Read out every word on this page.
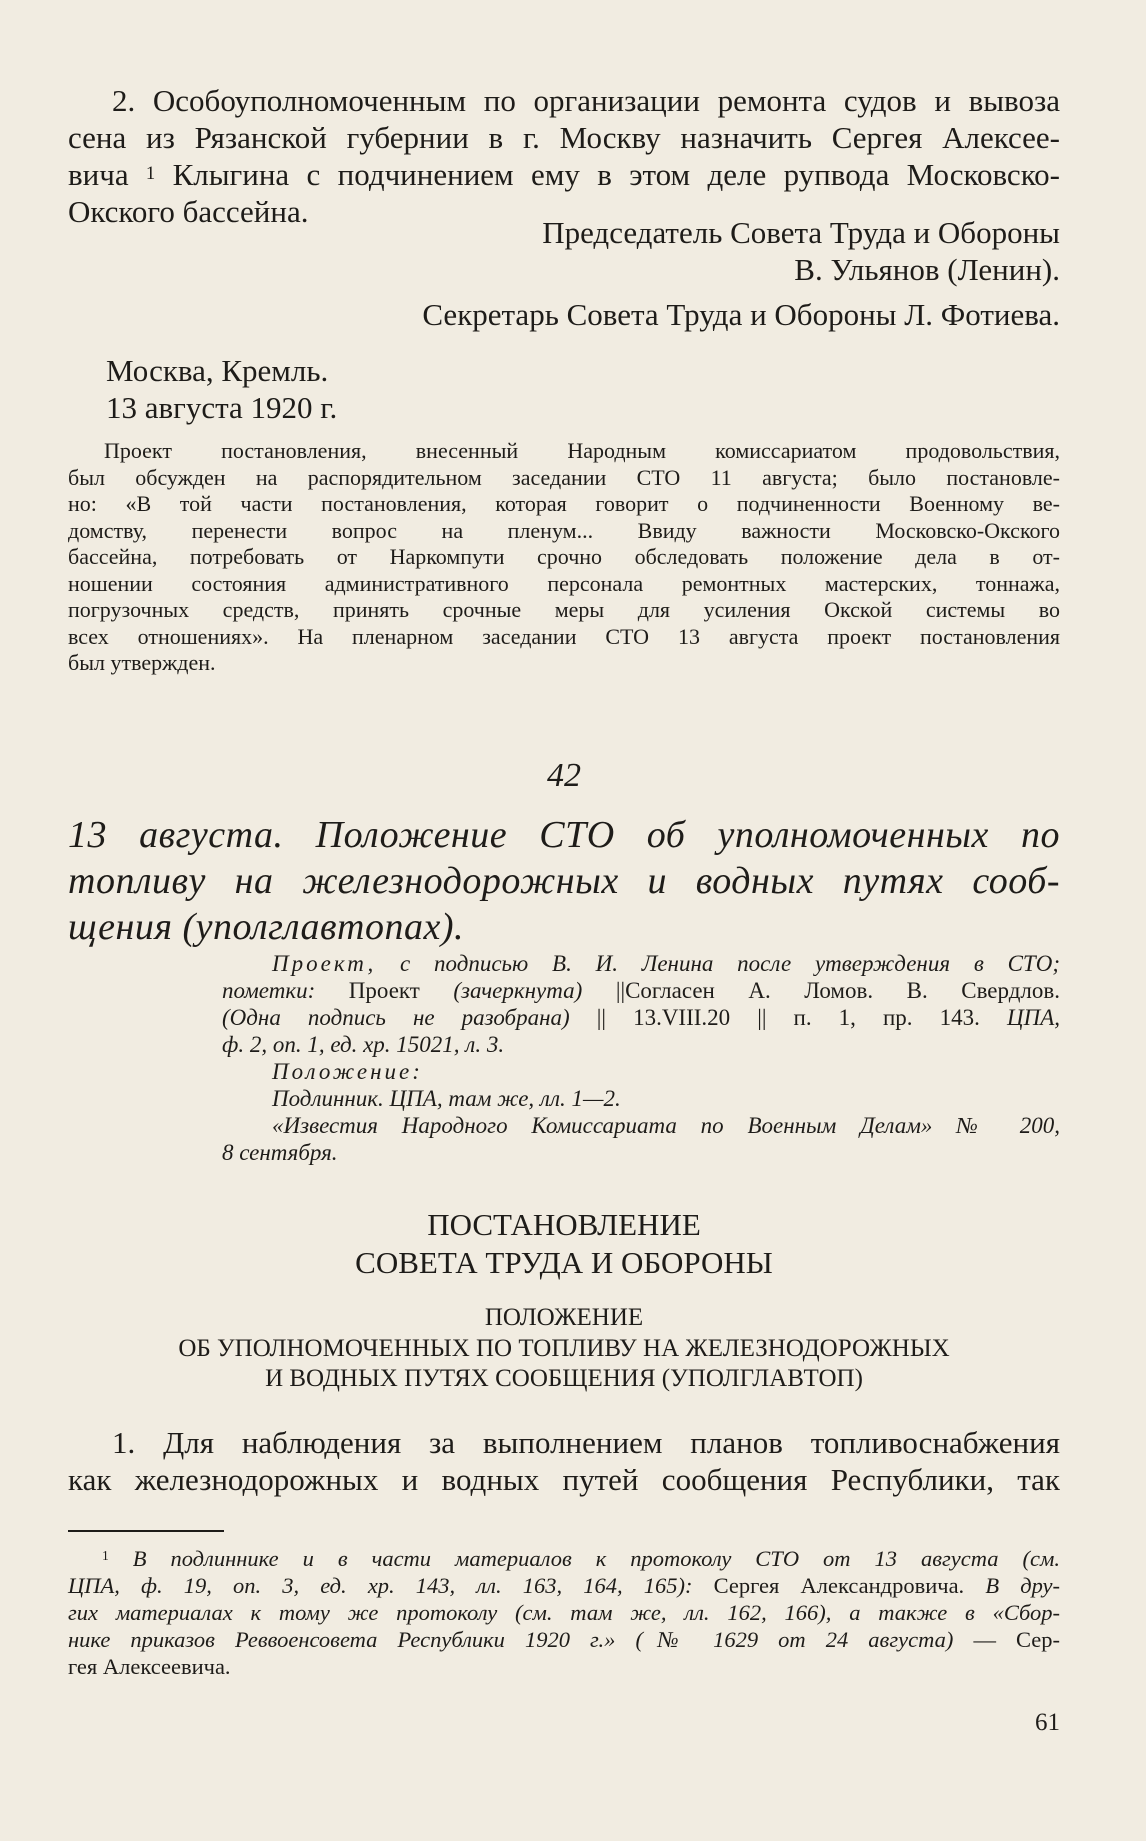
2. Особоуполномоченным по организации ремонта судов и вывоза
сена из Рязанской губернии в г. Москву назначить Сергея Алексее-
вича $^1$ Клыгина с подчинением ему в этом деле рупвода Московско-
Окского бассейна.
Председатель Совета Труда и Обороны
В. Ульянов (Ленин).
Секретарь Совета Труда и Обороны Л. Фотиева.
Москва, Кремль.
13 августа 1920 г.
Проект постановления, внесенный Народным комиссариатом продовольствия,
был обсужден на распорядительном заседании СТО 11 августа; было постановле-
но: «В той части постановления, которая говорит о подчиненности Военному ве-
домству, перенести вопрос на пленум... Ввиду важности Московско-Окского
бассейна, потребовать от Наркомпути срочно обследовать положение дела в от-
ношении состояния административного персонала ремонтных мастерских, тоннажа,
погрузочных средств, принять срочные меры для усиления Окской системы во
всех отношениях». На пленарном заседании СТО 13 августа проект постановления
был утвержден.
42
13 августа. Положение СТО об уполномоченных по
топливу на железнодорожных и водных путях сооб-
щения (уполглавтопах).
Проект, с подписью В. И. Ленина после утверждения в СТО;
пометки: Проект (зачеркнута) ||Согласен А. Ломов. В. Свердлов.
(Одна подпись не разобрана) || 13.VIII.20 || п. 1, пр. 143. ЦПА,
ф. 2, оп. 1, ед. хр. 15021, л. 3.
Положение:
Подлинник. ЦПА, там же, лл. 1—2.
«Известия Народного Комиссариата по Военным Делам» № 200,
8 сентября.
ПОСТАНОВЛЕНИЕ
СОВЕТА ТРУДА И ОБОРОНЫ
ПОЛОЖЕНИЕ
ОБ УПОЛНОМОЧЕННЫХ ПО ТОПЛИВУ НА ЖЕЛЕЗНОДОРОЖНЫХ
И ВОДНЫХ ПУТЯХ СООБЩЕНИЯ (УПОЛГЛАВТОП)
1. Для наблюдения за выполнением планов топливоснабжения
как железнодорожных и водных путей сообщения Республики, так
$^1$ В подлиннике и в части материалов к протоколу СТО от 13 августа (см.
ЦПА, ф. 19, оп. 3, ед. хр. 143, лл. 163, 164, 165): Сергея Александровича. В дру-
гих материалах к тому же протоколу (см. там же, лл. 162, 166), а также в «Сбор-
нике приказов Реввоенсовета Республики 1920 г.» (№ 1629 от 24 августа) — Сер-
гея Алексеевича.
61
